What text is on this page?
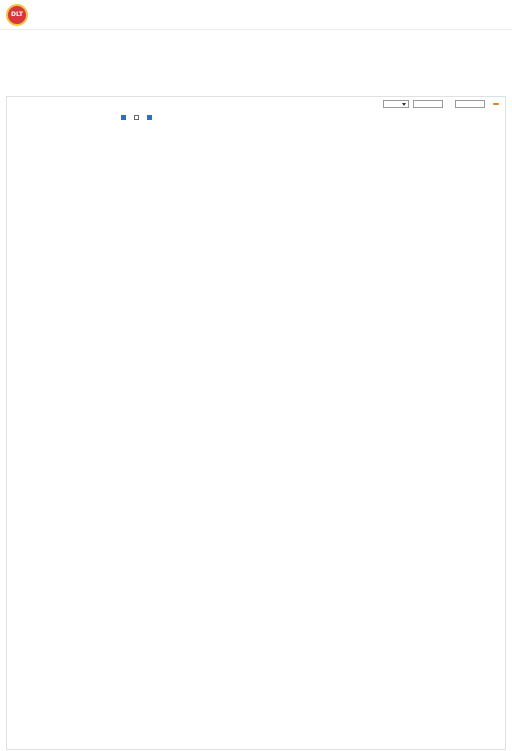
DLT
